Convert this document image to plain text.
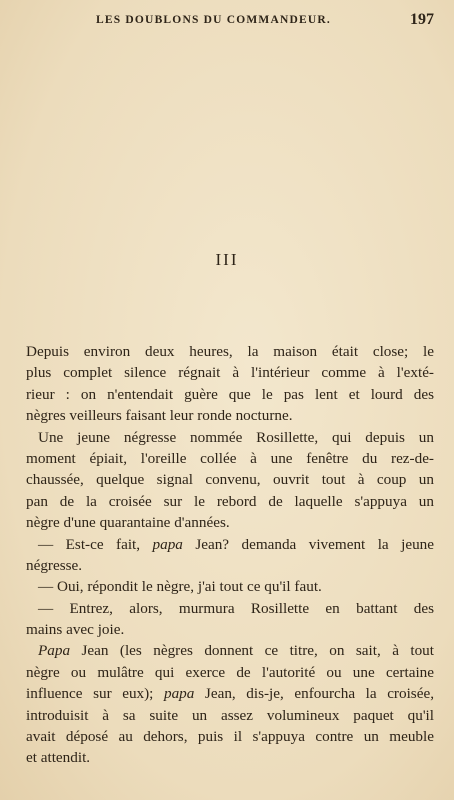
LES DOUBLONS DU COMMANDEUR.	197
III
Depuis environ deux heures, la maison était close; le
plus complet silence régnait à l'intérieur comme à l'exté-
rieur : on n'entendait guère que le pas lent et lourd des
nègres veilleurs faisant leur ronde nocturne.
Une jeune négresse nommée Rosillette, qui depuis un
moment épiait, l'oreille collée à une fenêtre du rez-de-
chaussée, quelque signal convenu, ouvrit tout à coup un
pan de la croisée sur le rebord de laquelle s'appuya un
nègre d'une quarantaine d'années.
— Est-ce fait, papa Jean? demanda vivement la jeune
négresse.
— Oui, répondit le nègre, j'ai tout ce qu'il faut.
— Entrez, alors, murmura Rosillette en battant des
mains avec joie.
Papa Jean (les nègres donnent ce titre, on sait, à tout
nègre ou mulâtre qui exerce de l'autorité ou une certaine
influence sur eux); papa Jean, dis-je, enfourcha la croisée,
introduisit à sa suite un assez volumineux paquet qu'il
avait déposé au dehors, puis il s'appuya contre un meuble
et attendit.
